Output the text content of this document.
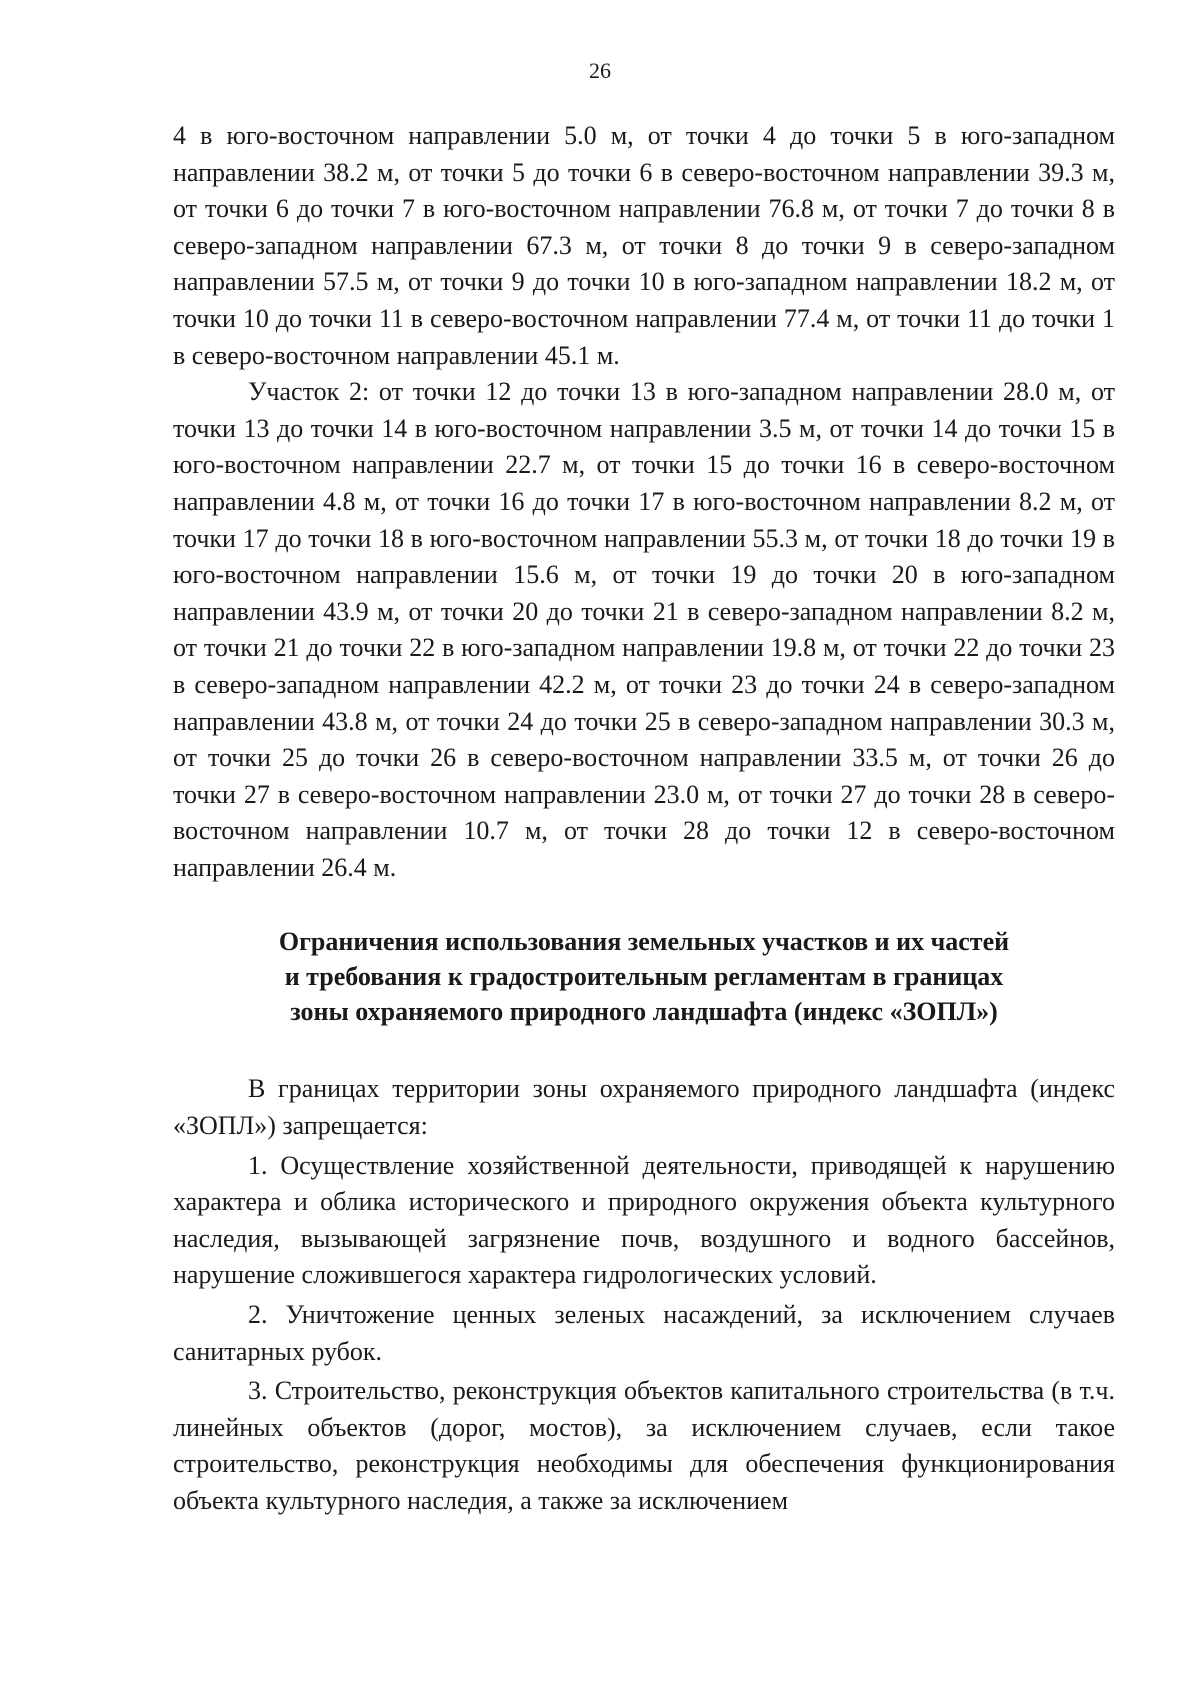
26

4 в юго-восточном направлении 5.0 м, от точки 4 до точки 5 в юго-западном направлении 38.2 м, от точки 5 до точки 6 в северо-восточном направлении 39.3 м, от точки 6 до точки 7 в юго-восточном направлении 76.8 м, от точки 7 до точки 8 в северо-западном направлении 67.3 м, от точки 8 до точки 9 в северо-западном направлении 57.5 м, от точки 9 до точки 10 в юго-западном направлении 18.2 м, от точки 10 до точки 11 в северо-восточном направлении 77.4 м, от точки 11 до точки 1 в северо-восточном направлении 45.1 м.

Участок 2: от точки 12 до точки 13 в юго-западном направлении 28.0 м, от точки 13 до точки 14 в юго-восточном направлении 3.5 м, от точки 14 до точки 15 в юго-восточном направлении 22.7 м, от точки 15 до точки 16 в северо-восточном направлении 4.8 м, от точки 16 до точки 17 в юго-восточном направлении 8.2 м, от точки 17 до точки 18 в юго-восточном направлении 55.3 м, от точки 18 до точки 19 в юго-восточном направлении 15.6 м, от точки 19 до точки 20 в юго-западном направлении 43.9 м, от точки 20 до точки 21 в северо-западном направлении 8.2 м, от точки 21 до точки 22 в юго-западном направлении 19.8 м, от точки 22 до точки 23 в северо-западном направлении 42.2 м, от точки 23 до точки 24 в северо-западном направлении 43.8 м, от точки 24 до точки 25 в северо-западном направлении 30.3 м, от точки 25 до точки 26 в северо-восточном направлении 33.5 м, от точки 26 до точки 27 в северо-восточном направлении 23.0 м, от точки 27 до точки 28 в северо-восточном направлении 10.7 м, от точки 28 до точки 12 в северо-восточном направлении 26.4 м.

Ограничения использования земельных участков и их частей
и требования к градостроительным регламентам в границах
зоны охраняемого природного ландшафта (индекс «ЗОПЛ»)

В границах территории зоны охраняемого природного ландшафта (индекс «ЗОПЛ») запрещается:

1. Осуществление хозяйственной деятельности, приводящей к нарушению характера и облика исторического и природного окружения объекта культурного наследия, вызывающей загрязнение почв, воздушного и водного бассейнов, нарушение сложившегося характера гидрологических условий.

2. Уничтожение ценных зеленых насаждений, за исключением случаев санитарных рубок.

3. Строительство, реконструкция объектов капитального строительства (в т.ч. линейных объектов (дорог, мостов), за исключением случаев, если такое строительство, реконструкция необходимы для обеспечения функционирования объекта культурного наследия, а также за исключением
